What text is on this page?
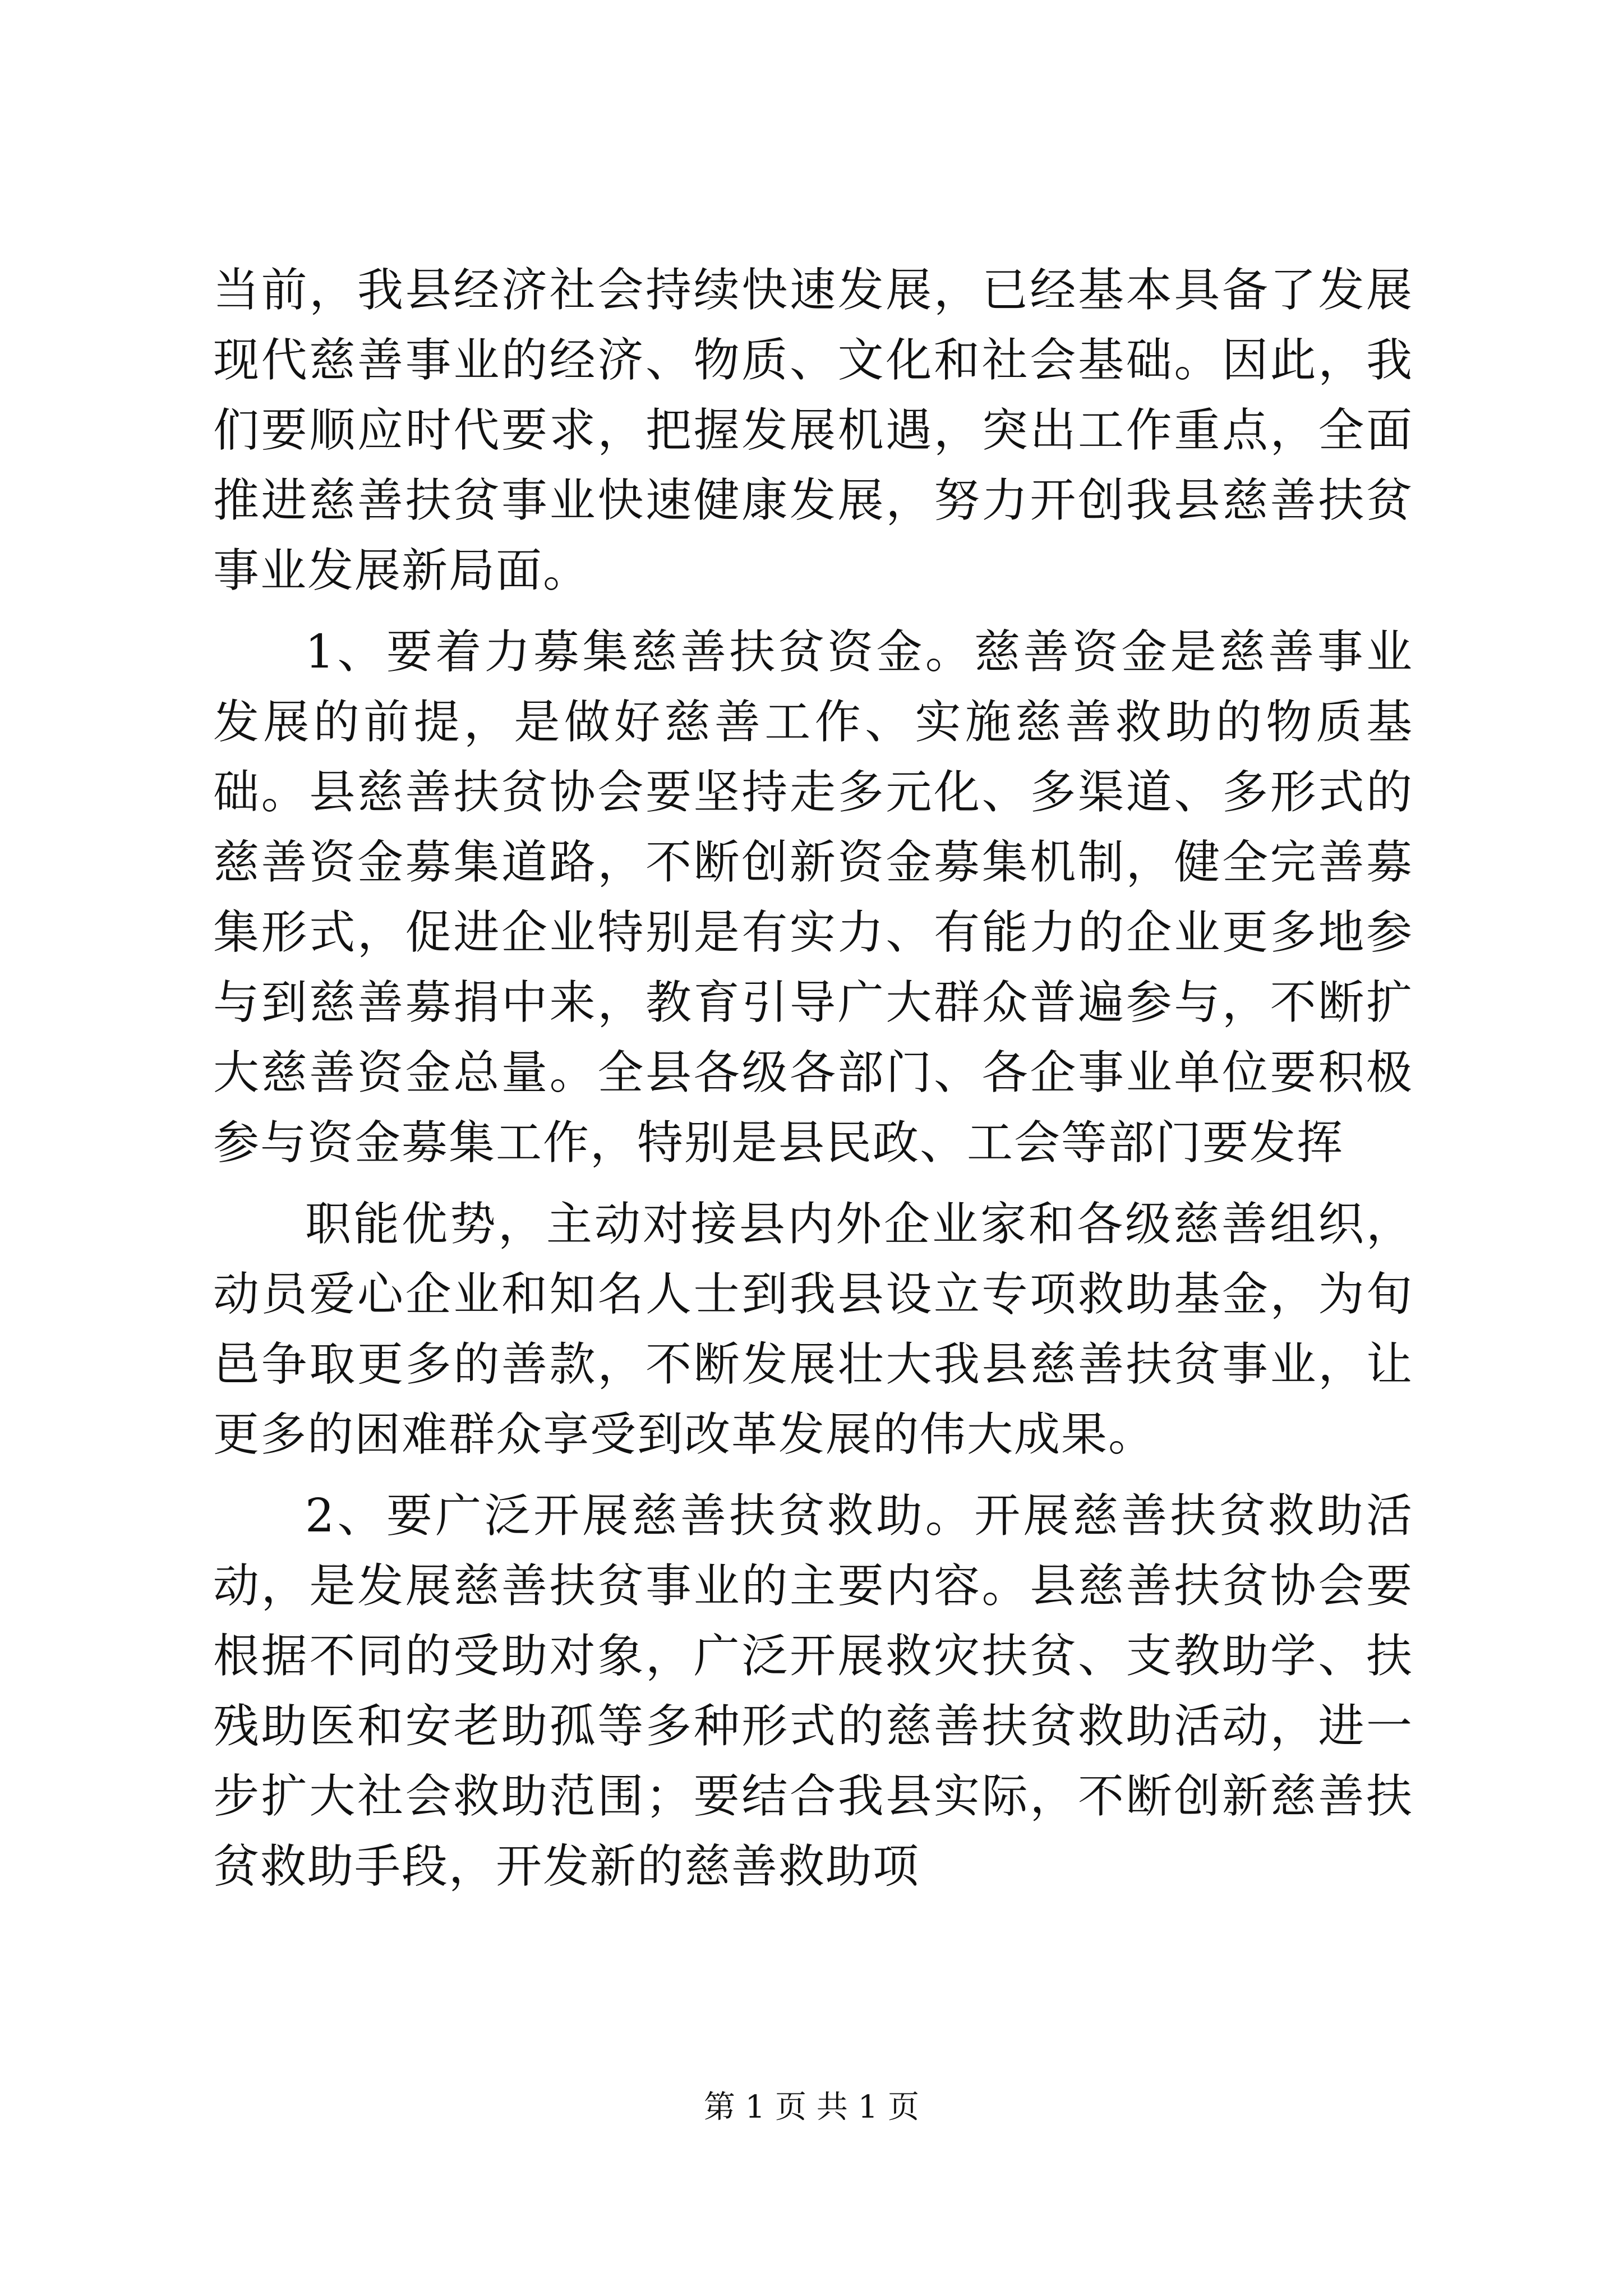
当前，我县经济社会持续快速发展，已经基本具备了发展现代慈善事业的经济、物质、文化和社会基础。因此，我们要顺应时代要求，把握发展机遇，突出工作重点，全面推进慈善扶贫事业快速健康发展，努力开创我县慈善扶贫事业发展新局面。

1、要着力募集慈善扶贫资金。慈善资金是慈善事业发展的前提，是做好慈善工作、实施慈善救助的物质基础。县慈善扶贫协会要坚持走多元化、多渠道、多形式的慈善资金募集道路，不断创新资金募集机制，健全完善募集形式，促进企业特别是有实力、有能力的企业更多地参与到慈善募捐中来，教育引导广大群众普遍参与，不断扩大慈善资金总量。全县各级各部门、各企事业单位要积极参与资金募集工作，特别是县民政、工会等部门要发挥

职能优势，主动对接县内外企业家和各级慈善组织，动员爱心企业和知名人士到我县设立专项救助基金，为旬邑争取更多的善款，不断发展壮大我县慈善扶贫事业，让更多的困难群众享受到改革发展的伟大成果。

2、要广泛开展慈善扶贫救助。开展慈善扶贫救助活动，是发展慈善扶贫事业的主要内容。县慈善扶贫协会要根据不同的受助对象，广泛开展救灾扶贫、支教助学、扶残助医和安老助孤等多种形式的慈善扶贫救助活动，进一步扩大社会救助范围；要结合我县实际，不断创新慈善扶贫救助手段，开发新的慈善救助项

第 1 页 共 1 页
